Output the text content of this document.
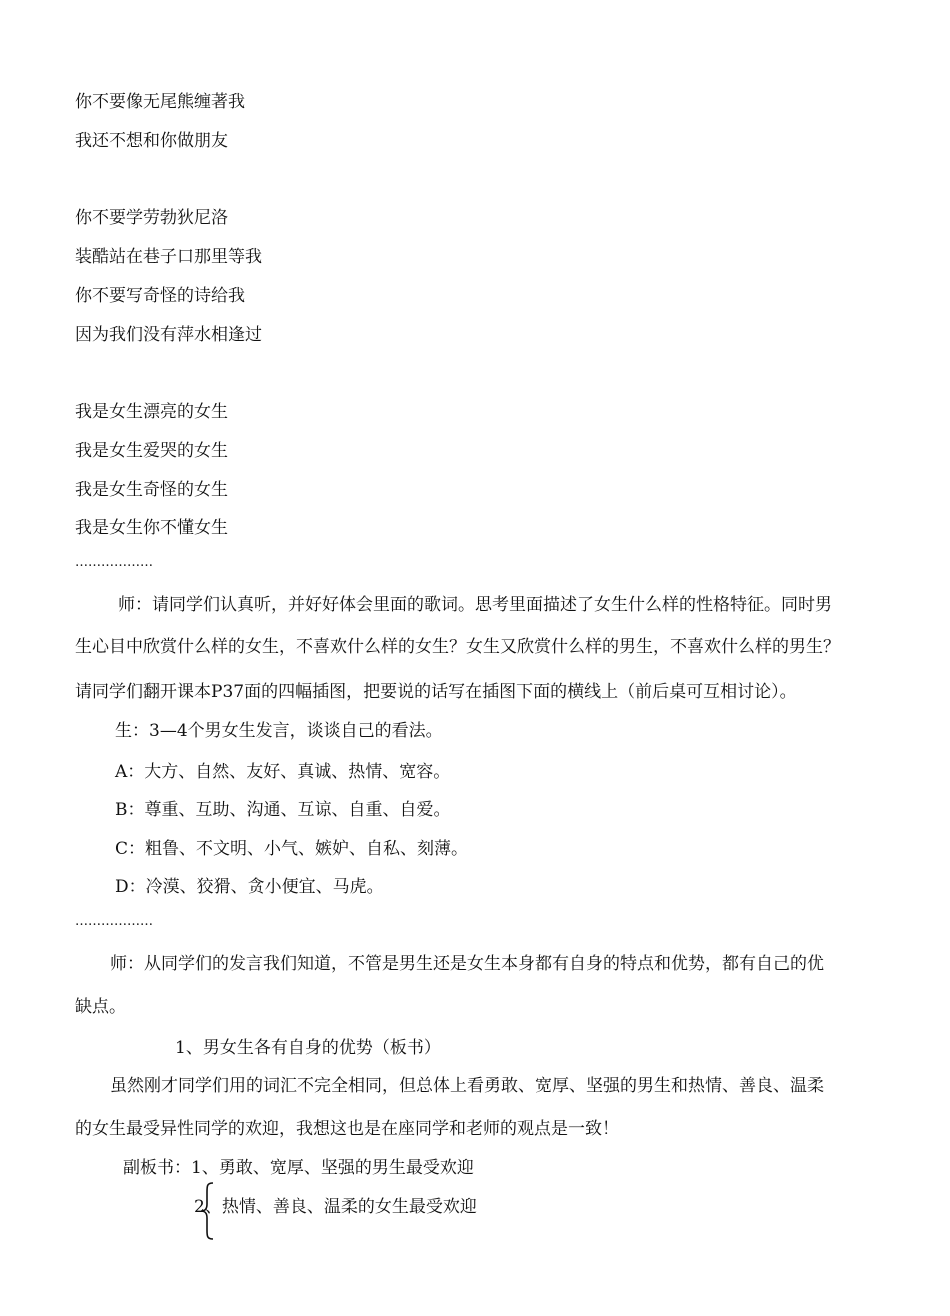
你不要像无尾熊缠著我
我还不想和你做朋友
你不要学劳勃狄尼洛
装酷站在巷子口那里等我
你不要写奇怪的诗给我
因为我们没有萍水相逢过
我是女生漂亮的女生
我是女生爱哭的女生
我是女生奇怪的女生
我是女生你不懂女生
………………
师：请同学们认真听，并好好体会里面的歌词。思考里面描述了女生什么样的性格特征。同时男
生心目中欣赏什么样的女生，不喜欢什么样的女生？女生又欣赏什么样的男生，不喜欢什么样的男生？
请同学们翻开课本P37面的四幅插图，把要说的话写在插图下面的横线上（前后桌可互相讨论）。
生：3—4个男女生发言，谈谈自己的看法。
A：大方、自然、友好、真诚、热情、宽容。
B：尊重、互助、沟通、互谅、自重、自爱。
C：粗鲁、不文明、小气、嫉妒、自私、刻薄。
D：冷漠、狡猾、贪小便宜、马虎。
………………
师：从同学们的发言我们知道，不管是男生还是女生本身都有自身的特点和优势，都有自己的优
缺点。
1、男女生各有自身的优势（板书）
虽然刚才同学们用的词汇不完全相同，但总体上看勇敢、宽厚、坚强的男生和热情、善良、温柔
的女生最受异性同学的欢迎，我想这也是在座同学和老师的观点是一致！
副板书：1、勇敢、宽厚、坚强的男生最受欢迎
2、热情、善良、温柔的女生最受欢迎
